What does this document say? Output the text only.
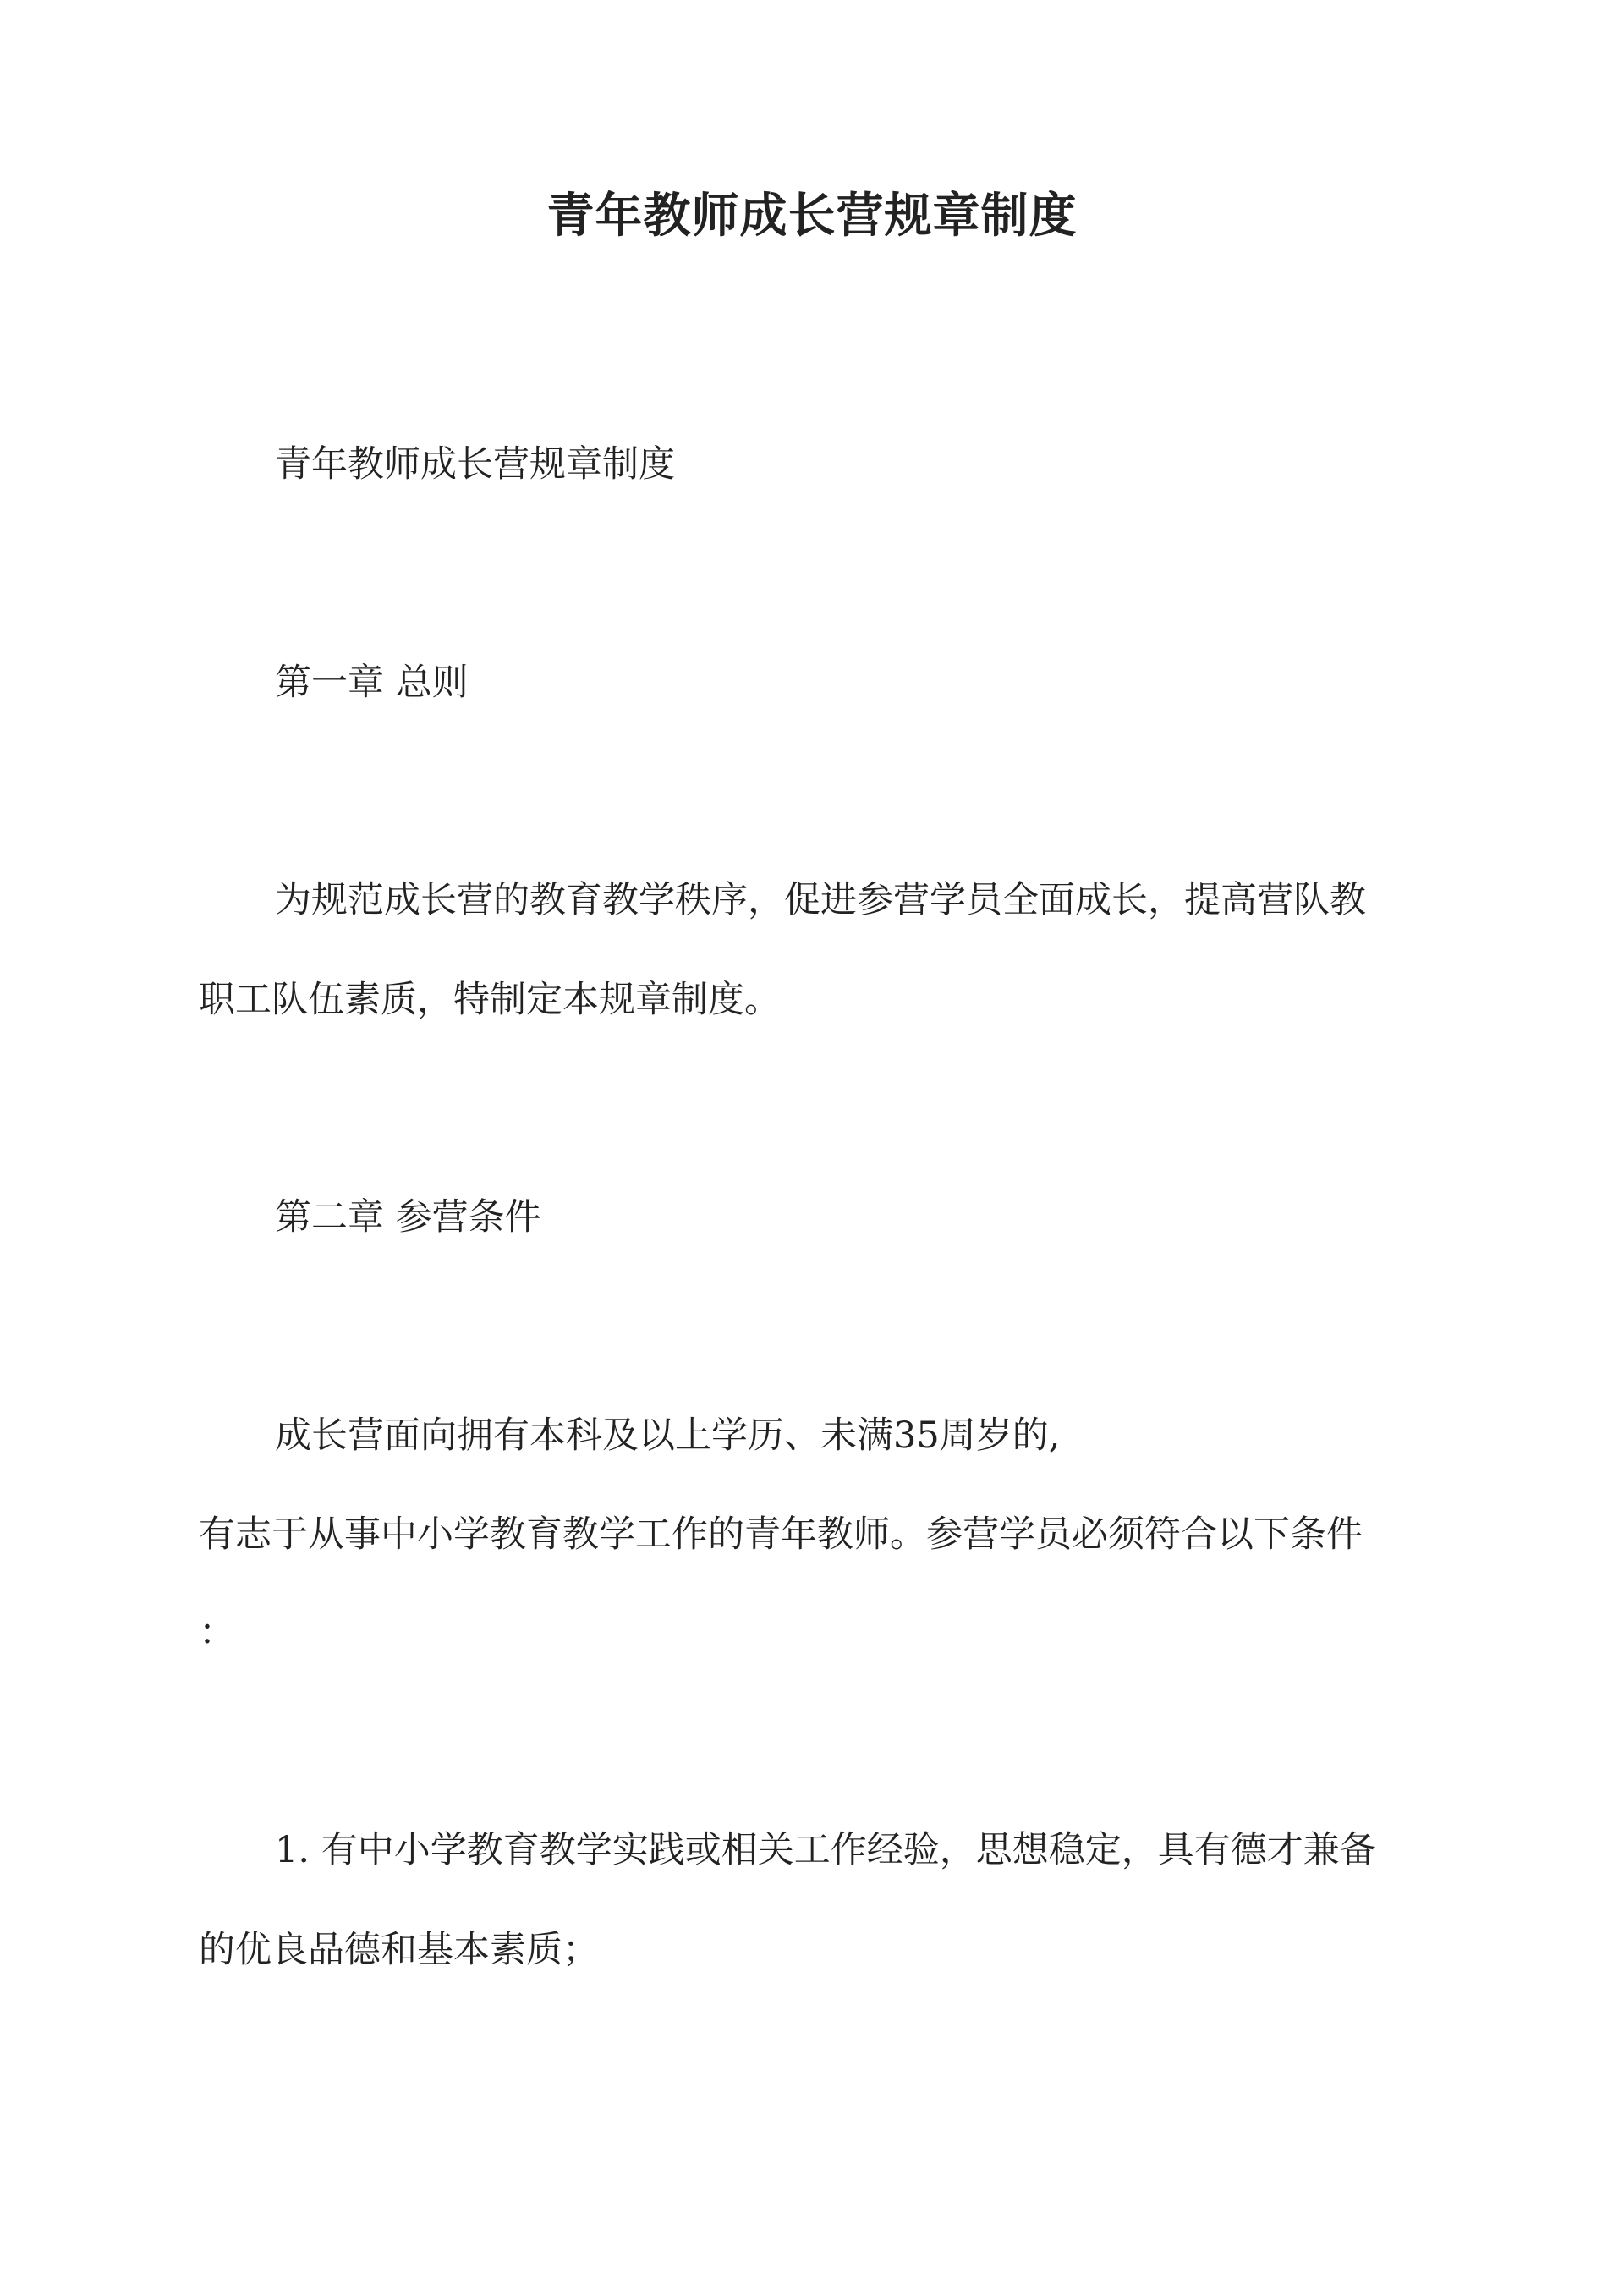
青年教师成长营规章制度
青年教师成长营规章制度
第一章 总则
为规范成长营的教育教学秩序，促进参营学员全面成长，提高营队教
职工队伍素质，特制定本规章制度。
第二章 参营条件
成长营面向拥有本科及以上学历、未满35周岁的,
有志于从事中小学教育教学工作的青年教师。参营学员必须符合以下条件
：
1. 有中小学教育教学实践或相关工作经验，思想稳定，具有德才兼备
的优良品德和基本素质；
